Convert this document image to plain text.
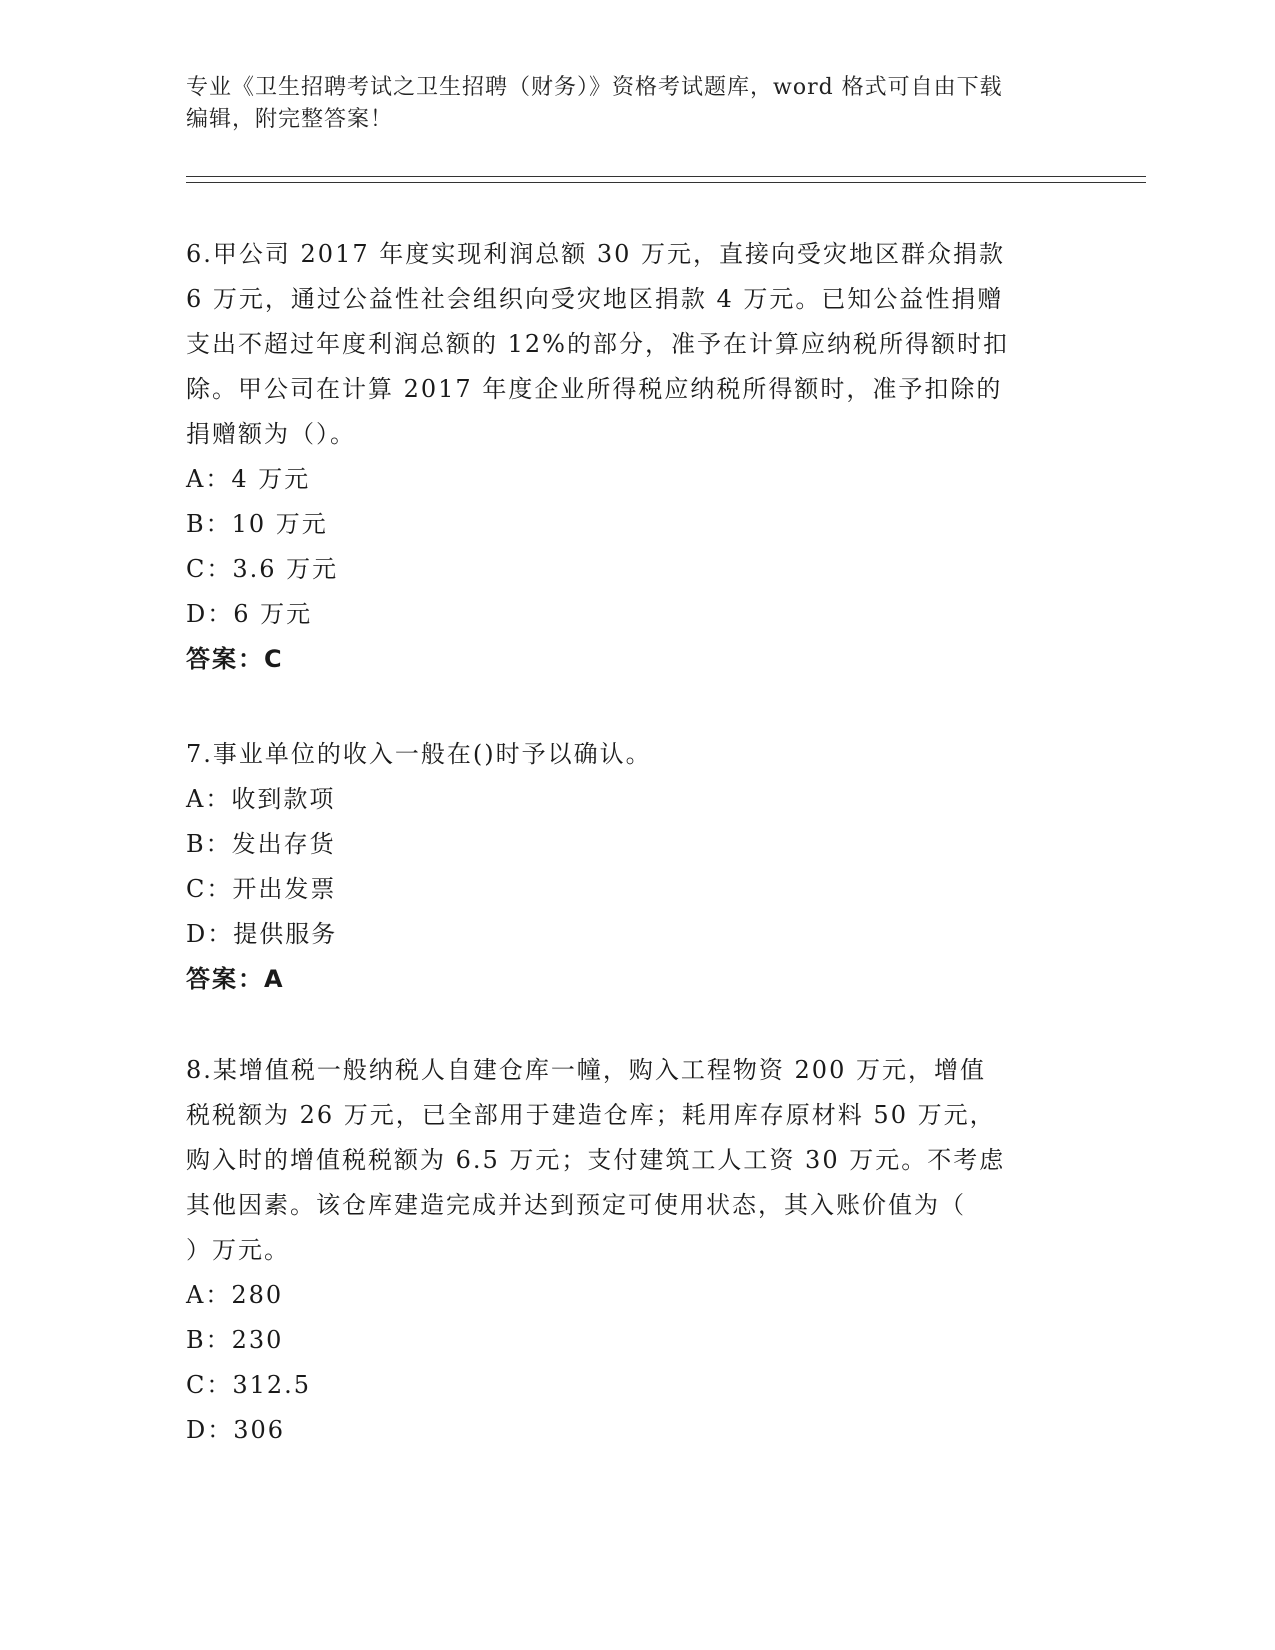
专业《卫生招聘考试之卫生招聘（财务）》资格考试题库，word 格式可自由下载
编辑，附完整答案！

6.甲公司 2017 年度实现利润总额 30 万元，直接向受灾地区群众捐款

6 万元，通过公益性社会组织向受灾地区捐款 4 万元。已知公益性捐赠

支出不超过年度利润总额的 12%的部分，准予在计算应纳税所得额时扣

除。甲公司在计算 2017 年度企业所得税应纳税所得额时，准予扣除的

捐赠额为（）。

A：4 万元

B：10 万元

C：3.6 万元

D：6 万元

答案：C

7.事业单位的收入一般在()时予以确认。

A：收到款项

B：发出存货

C：开出发票

D：提供服务

答案：A

8.某增值税一般纳税人自建仓库一幢，购入工程物资 200 万元，增值

税税额为 26 万元，已全部用于建造仓库；耗用库存原材料 50 万元，

购入时的增值税税额为 6.5 万元；支付建筑工人工资 30 万元。不考虑

其他因素。该仓库建造完成并达到预定可使用状态，其入账价值为（

）万元。

A：280

B：230

C：312.5

D：306
